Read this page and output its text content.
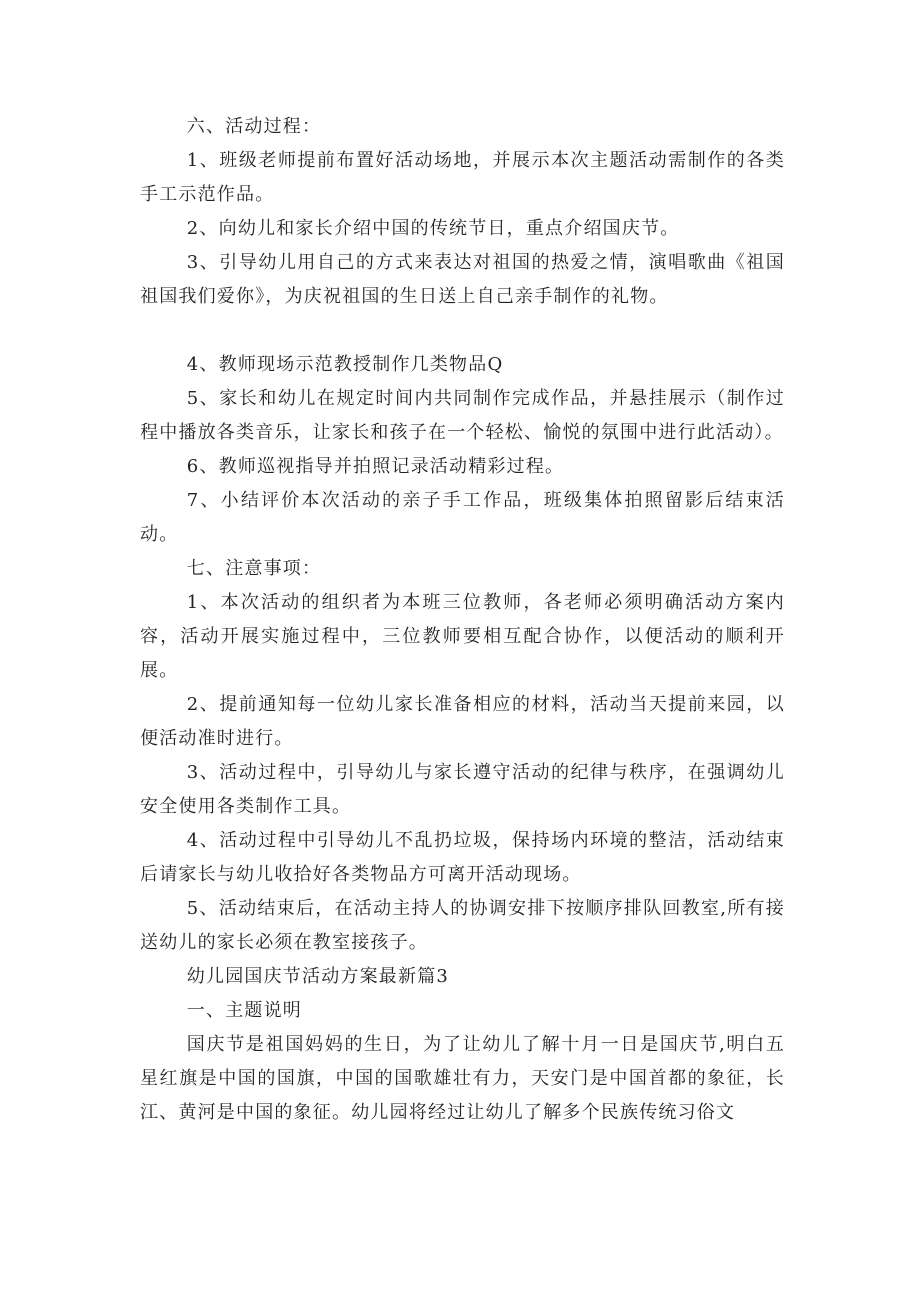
六、活动过程：

1、班级老师提前布置好活动场地，并展示本次主题活动需制作的各类手工示范作品。

2、向幼儿和家长介绍中国的传统节日，重点介绍国庆节。

3、引导幼儿用自己的方式来表达对祖国的热爱之情，演唱歌曲《祖国祖国我们爱你》，为庆祝祖国的生日送上自己亲手制作的礼物。

4、教师现场示范教授制作几类物品Q

5、家长和幼儿在规定时间内共同制作完成作品，并悬挂展示（制作过程中播放各类音乐，让家长和孩子在一个轻松、愉悦的氛围中进行此活动）。

6、教师巡视指导并拍照记录活动精彩过程。

7、小结评价本次活动的亲子手工作品，班级集体拍照留影后结束活动。

七、注意事项：

1、本次活动的组织者为本班三位教师，各老师必须明确活动方案内容，活动开展实施过程中，三位教师要相互配合协作，以便活动的顺利开展。

2、提前通知每一位幼儿家长准备相应的材料，活动当天提前来园，以便活动准时进行。

3、活动过程中，引导幼儿与家长遵守活动的纪律与秩序，在强调幼儿安全使用各类制作工具。

4、活动过程中引导幼儿不乱扔垃圾，保持场内环境的整洁，活动结束后请家长与幼儿收拾好各类物品方可离开活动现场。

5、活动结束后，在活动主持人的协调安排下按顺序排队回教室,所有接送幼儿的家长必须在教室接孩子。

幼儿园国庆节活动方案最新篇3

一、主题说明

国庆节是祖国妈妈的生日，为了让幼儿了解十月一日是国庆节,明白五星红旗是中国的国旗，中国的国歌雄壮有力，天安门是中国首都的象征，长江、黄河是中国的象征。幼儿园将经过让幼儿了解多个民族传统习俗文
